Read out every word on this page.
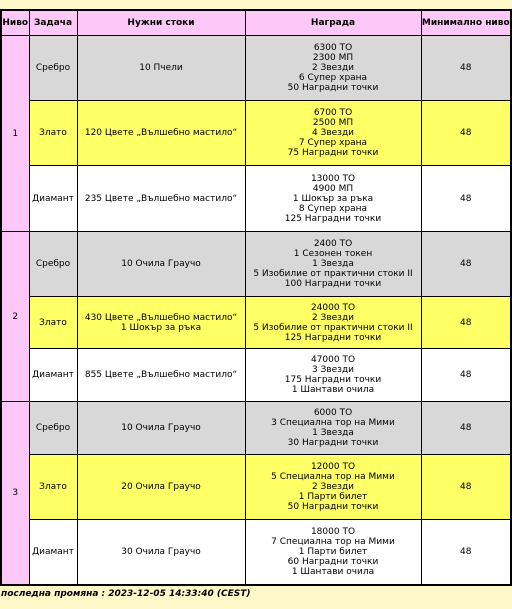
Ниво	Задача	Нужни стоки	Награда	Минимално ниво
1	Сребро	10 Пчели	6300 ТО
2300 МП
2 Звезди
6 Супер храна
50 Наградни точки	48
	Злато	120 Цвете „Вълшебно мастило“	6700 ТО
2500 МП
4 Звезди
7 Супер храна
75 Наградни точки	48
	Диамант	235 Цвете „Вълшебно мастило“	13000 ТО
4900 МП
1 Шокър за ръка
8 Супер храна
125 Наградни точки	48
2	Сребро	10 Очила Граучо	2400 ТО
1 Сезонен токен
1 Звезда
5 Изобилие от практични стоки II
100 Наградни точки	48
	Злато	430 Цвете „Вълшебно мастило“
1 Шокър за ръка	24000 ТО
2 Звезди
5 Изобилие от практични стоки II
125 Наградни точки	48
	Диамант	855 Цвете „Вълшебно мастило“	47000 ТО
3 Звезди
175 Наградни точки
1 Шантави очила	48
3	Сребро	10 Очила Граучо	6000 ТО
3 Специална тор на Мими
1 Звезда
30 Наградни точки	48
	Злато	20 Очила Граучо	12000 ТО
5 Специална тор на Мими
2 Звезди
1 Парти билет
50 Наградни точки	48
	Диамант	30 Очила Граучо	18000 ТО
7 Специална тор на Мими
1 Парти билет
60 Наградни точки
1 Шантави очила	48
последна промяна : 2023-12-05 14:33:40 (CEST)
